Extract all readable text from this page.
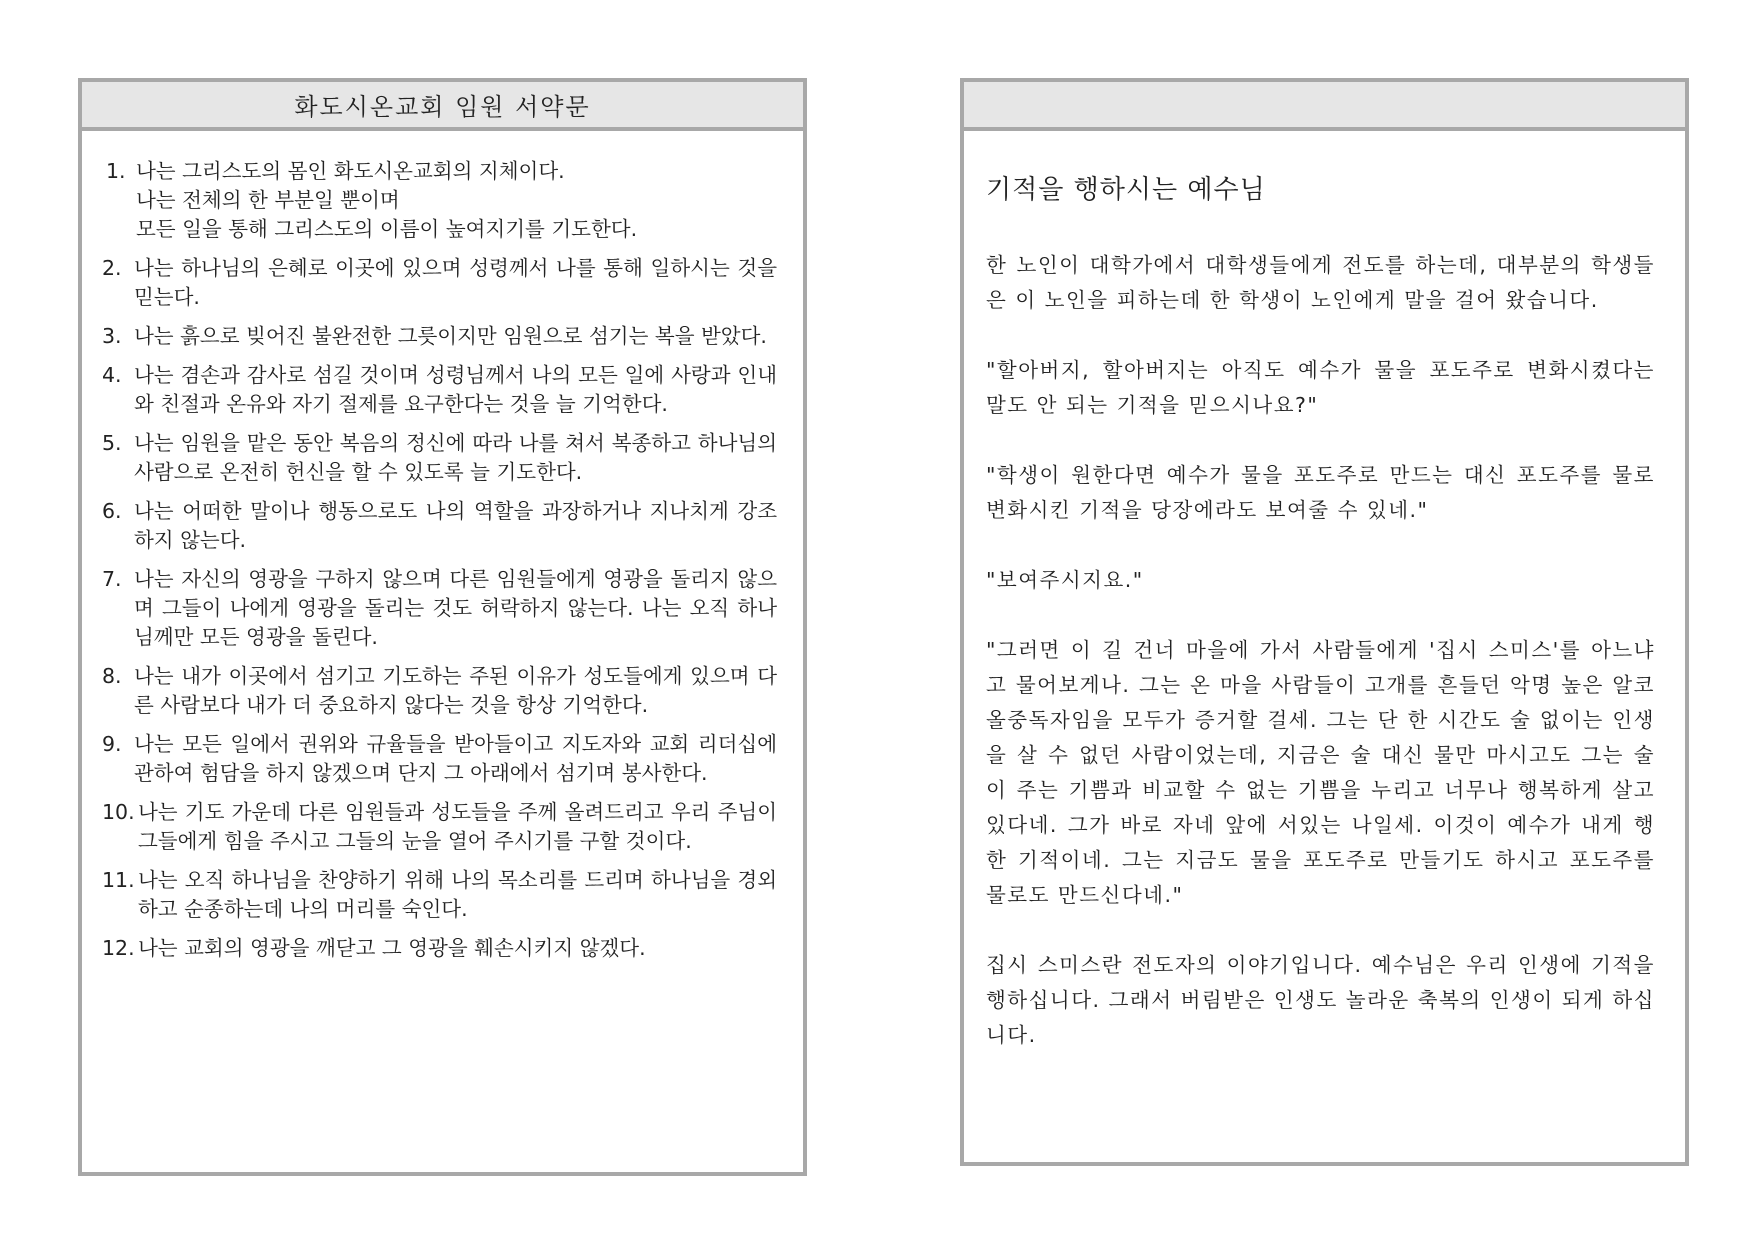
화도시온교회 임원 서약문
1. 나는 그리스도의 몸인 화도시온교회의 지체이다.
나는 전체의 한 부분일 뿐이며
모든 일을 통해 그리스도의 이름이 높여지기를 기도한다.
2. 나는 하나님의 은혜로 이곳에 있으며 성령께서 나를 통해 일하시는 것을 믿는다.
3. 나는 흙으로 빚어진 불완전한 그릇이지만 임원으로 섬기는 복을 받았다.
4. 나는 겸손과 감사로 섬길 것이며 성령님께서 나의 모든 일에 사랑과 인내와 친절과 온유와 자기 절제를 요구한다는 것을 늘 기억한다.
5. 나는 임원을 맡은 동안 복음의 정신에 따라 나를 쳐서 복종하고 하나님의 사람으로 온전히 헌신을 할 수 있도록 늘 기도한다.
6. 나는 어떠한 말이나 행동으로도 나의 역할을 과장하거나 지나치게 강조하지 않는다.
7. 나는 자신의 영광을 구하지 않으며 다른 임원들에게 영광을 돌리지 않으며 그들이 나에게 영광을 돌리는 것도 허락하지 않는다. 나는 오직 하나님께만 모든 영광을 돌린다.
8. 나는 내가 이곳에서 섬기고 기도하는 주된 이유가 성도들에게 있으며 다른 사람보다 내가 더 중요하지 않다는 것을 항상 기억한다.
9. 나는 모든 일에서 권위와 규율들을 받아들이고 지도자와 교회 리더십에 관하여 험담을 하지 않겠으며 단지 그 아래에서 섬기며 봉사한다.
10. 나는 기도 가운데 다른 임원들과 성도들을 주께 올려드리고 우리 주님이 그들에게 힘을 주시고 그들의 눈을 열어 주시기를 구할 것이다.
11. 나는 오직 하나님을 찬양하기 위해 나의 목소리를 드리며 하나님을 경외하고 순종하는데 나의 머리를 숙인다.
12. 나는 교회의 영광을 깨닫고 그 영광을 훼손시키지 않겠다.
기적을 행하시는 예수님

한 노인이 대학가에서 대학생들에게 전도를 하는데, 대부분의 학생들은 이 노인을 피하는데 한 학생이 노인에게 말을 걸어 왔습니다.

"할아버지, 할아버지는 아직도 예수가 물을 포도주로 변화시켰다는 말도 안 되는 기적을 믿으시나요?"

"학생이 원한다면 예수가 물을 포도주로 만드는 대신 포도주를 물로 변화시킨 기적을 당장에라도 보여줄 수 있네."

"보여주시지요."

"그러면 이 길 건너 마을에 가서 사람들에게 '집시 스미스'를 아느냐고 물어보게나. 그는 온 마을 사람들이 고개를 흔들던 악명 높은 알코올중독자임을 모두가 증거할 걸세. 그는 단 한 시간도 술 없이는 인생을 살 수 없던 사람이었는데, 지금은 술 대신 물만 마시고도 그는 술이 주는 기쁨과 비교할 수 없는 기쁨을 누리고 너무나 행복하게 살고 있다네. 그가 바로 자네 앞에 서있는 나일세. 이것이 예수가 내게 행한 기적이네. 그는 지금도 물을 포도주로 만들기도 하시고 포도주를 물로도 만드신다네."

집시 스미스란 전도자의 이야기입니다. 예수님은 우리 인생에 기적을 행하십니다. 그래서 버림받은 인생도 놀라운 축복의 인생이 되게 하십니다.
